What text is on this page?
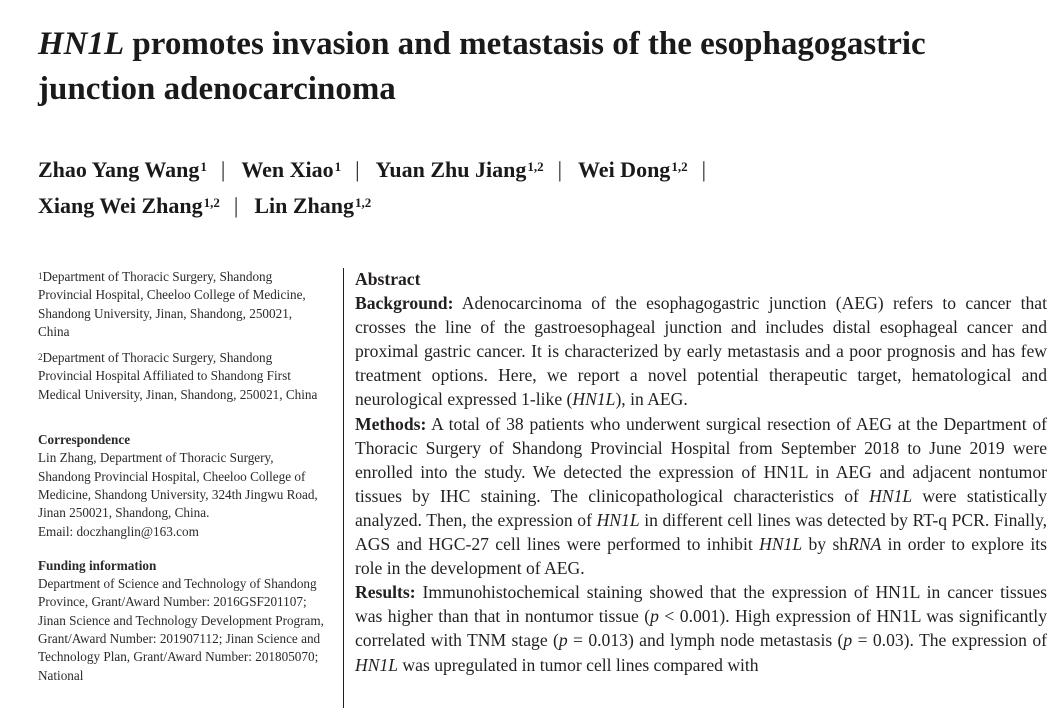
HN1L promotes invasion and metastasis of the esophagogastric junction adenocarcinoma
Zhao Yang Wang$^1$ | Wen Xiao$^1$ | Yuan Zhu Jiang$^{1,2}$ | Wei Dong$^{1,2}$ |
Xiang Wei Zhang$^{1,2}$ | Lin Zhang$^{1,2}$

$^1$Department of Thoracic Surgery, Shandong Provincial Hospital, Cheeloo College of Medicine, Shandong University, Jinan, Shandong, 250021, China

$^2$Department of Thoracic Surgery, Shandong Provincial Hospital Affiliated to Shandong First Medical University, Jinan, Shandong, 250021, China

Correspondence
Lin Zhang, Department of Thoracic Surgery, Shandong Provincial Hospital, Cheeloo College of Medicine, Shandong University, 324th Jingwu Road, Jinan 250021, Shandong, China.
Email: doczhanglin@163.com
Funding information
Department of Science and Technology of Shandong Province, Grant/Award Number: 2016GSF201107; Jinan Science and Technology Development Program, Grant/Award Number: 201907112; Jinan Science and Technology Plan, Grant/Award Number: 201805070; National
Abstract

Background: Adenocarcinoma of the esophagogastric junction (AEG) refers to cancer that crosses the line of the gastroesophageal junction and includes distal esophageal cancer and proximal gastric cancer. It is characterized by early metastasis and a poor prognosis and has few treatment options. Here, we report a novel potential therapeutic target, hematological and neurological expressed 1-like (HN1L), in AEG.

Methods: A total of 38 patients who underwent surgical resection of AEG at the Department of Thoracic Surgery of Shandong Provincial Hospital from September 2018 to June 2019 were enrolled into the study. We detected the expression of HN1L in AEG and adjacent nontumor tissues by IHC staining. The clinicopathological characteristics of HN1L were statistically analyzed. Then, the expression of HN1L in different cell lines was detected by RT-q PCR. Finally, AGS and HGC-27 cell lines were performed to inhibit HN1L by shRNA in order to explore its role in the development of AEG.

Results: Immunohistochemical staining showed that the expression of HN1L in cancer tissues was higher than that in nontumor tissue (p < 0.001). High expression of HN1L was significantly correlated with TNM stage (p = 0.013) and lymph node metastasis (p = 0.03). The expression of HN1L was upregulated in tumor cell lines compared with
